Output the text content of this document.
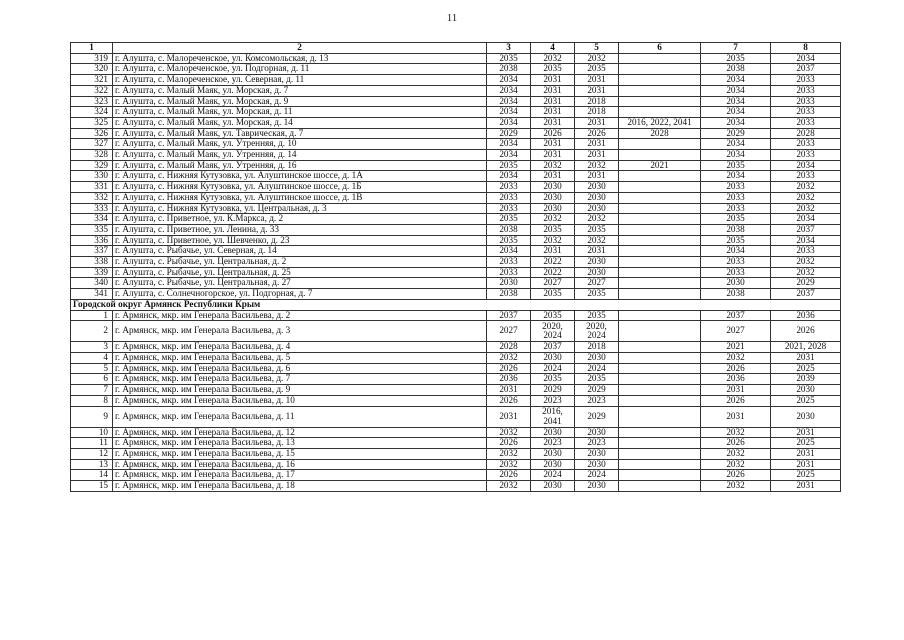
11
1	2	3	4	5	6	7	8
319	г. Алушта, с. Малореченское, ул. Комсомольская, д. 13	2035	2032	2032		2035	2034
320	г. Алушта, с. Малореченское, ул. Подгорная, д. 11	2038	2035	2035		2038	2037
321	г. Алушта, с. Малореченское, ул. Северная, д. 11	2034	2031	2031		2034	2033
322	г. Алушта, с. Малый Маяк, ул. Морская, д. 7	2034	2031	2031		2034	2033
323	г. Алушта, с. Малый Маяк, ул. Морская, д. 9	2034	2031	2018		2034	2033
324	г. Алушта, с. Малый Маяк, ул. Морская, д. 11	2034	2031	2018		2034	2033
325	г. Алушта, с. Малый Маяк, ул. Морская, д. 14	2034	2031	2031	2016, 2022, 2041	2034	2033
326	г. Алушта, с. Малый Маяк, ул. Таврическая, д. 7	2029	2026	2026	2028	2029	2028
327	г. Алушта, с. Малый Маяк, ул. Утренняя, д. 10	2034	2031	2031		2034	2033
328	г. Алушта, с. Малый Маяк, ул. Утренняя, д. 14	2034	2031	2031		2034	2033
329	г. Алушта, с. Малый Маяк, ул. Утренняя, д. 16	2035	2032	2032	2021	2035	2034
330	г. Алушта, с. Нижняя Кутузовка, ул. Алуштинское шоссе, д. 1А	2034	2031	2031		2034	2033
331	г. Алушта, с. Нижняя Кутузовка, ул. Алуштинское шоссе, д. 1Б	2033	2030	2030		2033	2032
332	г. Алушта, с. Нижняя Кутузовка, ул. Алуштинское шоссе, д. 1В	2033	2030	2030		2033	2032
333	г. Алушта, с. Нижняя Кутузовка, ул. Центральная, д. 3	2033	2030	2030		2033	2032
334	г. Алушта, с. Приветное, ул. К.Маркса, д. 2	2035	2032	2032		2035	2034
335	г. Алушта, с. Приветное, ул. Ленина, д. 33	2038	2035	2035		2038	2037
336	г. Алушта, с. Приветное, ул. Шевченко, д. 23	2035	2032	2032		2035	2034
337	г. Алушта, с. Рыбачье, ул. Северная, д. 14	2034	2031	2031		2034	2033
338	г. Алушта, с. Рыбачье, ул. Центральная, д. 2	2033	2022	2030		2033	2032
339	г. Алушта, с. Рыбачье, ул. Центральная, д. 25	2033	2022	2030		2033	2032
340	г. Алушта, с. Рыбачье, ул. Центральная, д. 27	2030	2027	2027		2030	2029
341	г. Алушта, с. Солнечногорское, ул. Подгорная, д. 7	2038	2035	2035		2038	2037
Городской округ Армянск Республики Крым							
1	г. Армянск, мкр. им Генерала Васильева, д. 2	2037	2035	2035		2037	2036
2	г. Армянск, мкр. им Генерала Васильева, д. 3	2027	2020, 2024	2020, 2024		2027	2026
3	г. Армянск, мкр. им Генерала Васильева, д. 4	2028	2037	2018		2021	2021, 2028
4	г. Армянск, мкр. им Генерала Васильева, д. 5	2032	2030	2030		2032	2031
5	г. Армянск, мкр. им Генерала Васильева, д. 6	2026	2024	2024		2026	2025
6	г. Армянск, мкр. им Генерала Васильева, д. 7	2036	2035	2035		2036	2039
7	г. Армянск, мкр. им Генерала Васильева, д. 9	2031	2029	2029		2031	2030
8	г. Армянск, мкр. им Генерала Васильева, д. 10	2026	2023	2023		2026	2025
9	г. Армянск, мкр. им Генерала Васильева, д. 11	2031	2016, 2041	2029		2031	2030
10	г. Армянск, мкр. им Генерала Васильева, д. 12	2032	2030	2030		2032	2031
11	г. Армянск, мкр. им Генерала Васильева, д. 13	2026	2023	2023		2026	2025
12	г. Армянск, мкр. им Генерала Васильева, д. 15	2032	2030	2030		2032	2031
13	г. Армянск, мкр. им Генерала Васильева, д. 16	2032	2030	2030		2032	2031
14	г. Армянск, мкр. им Генерала Васильева, д. 17	2026	2024	2024		2026	2025
15	г. Армянск, мкр. им Генерала Васильева, д. 18	2032	2030	2030		2032	2031
